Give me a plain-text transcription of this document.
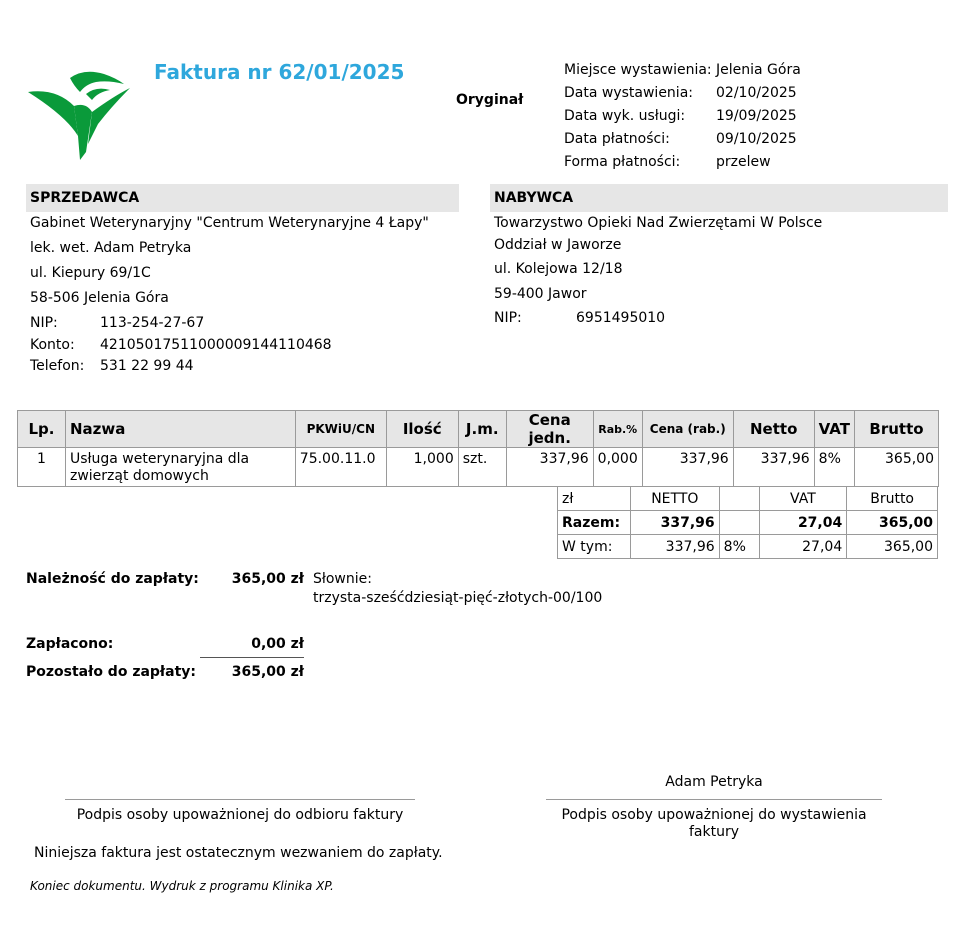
Faktura nr 62/01/2025
Oryginał
Miejsce wystawienia: Jelenia Góra
Data wystawienia: 02/10/2025
Data wyk. usługi: 19/09/2025
Data płatności:	09/10/2025
Forma płatności:	przelew
SPRZEDAWCA
Gabinet Weterynaryjny "Centrum Weterynaryjne 4 Łapy"
lek. wet. Adam Petryka
ul. Kiepury 69/1C
58-506 Jelenia Góra
NIP:	113-254-27-67
Konto: 42105017511000009144110468
Telefon: 531 22 99 44
NABYWCA
Towarzystwo Opieki Nad Zwierzętami W Polsce
Oddział w Jaworze
ul. Kolejowa 12/18
59-400 Jawor
NIP:	6951495010
Lp.	Nazwa	PKWiU/CN	Ilość	J.m.	Cena jedn.	Rab.%	Cena (rab.)	Netto	VAT	Brutto
1	Usługa weterynaryjna dla zwierząt domowych	75.00.11.0	1,000	szt.	337,96	0,000	337,96	337,96	8%	365,00
zł	NETTO		VAT	Brutto
Razem:	337,96		27,04	365,00
W tym:	337,96	8%	27,04	365,00
Należność do zapłaty:	365,00 zł Słownie:
trzysta-sześćdziesiąt-pięć-złotych-00/100
Zapłacono:	0,00 zł
Pozostało do zapłaty:	365,00 zł
Adam Petryka
Podpis osoby upoważnionej do odbioru faktury	Podpis osoby upoważnionej do wystawienia
faktury
Niniejsza faktura jest ostatecznym wezwaniem do zapłaty.
Koniec dokumentu. Wydruk z programu Klinika XP.
